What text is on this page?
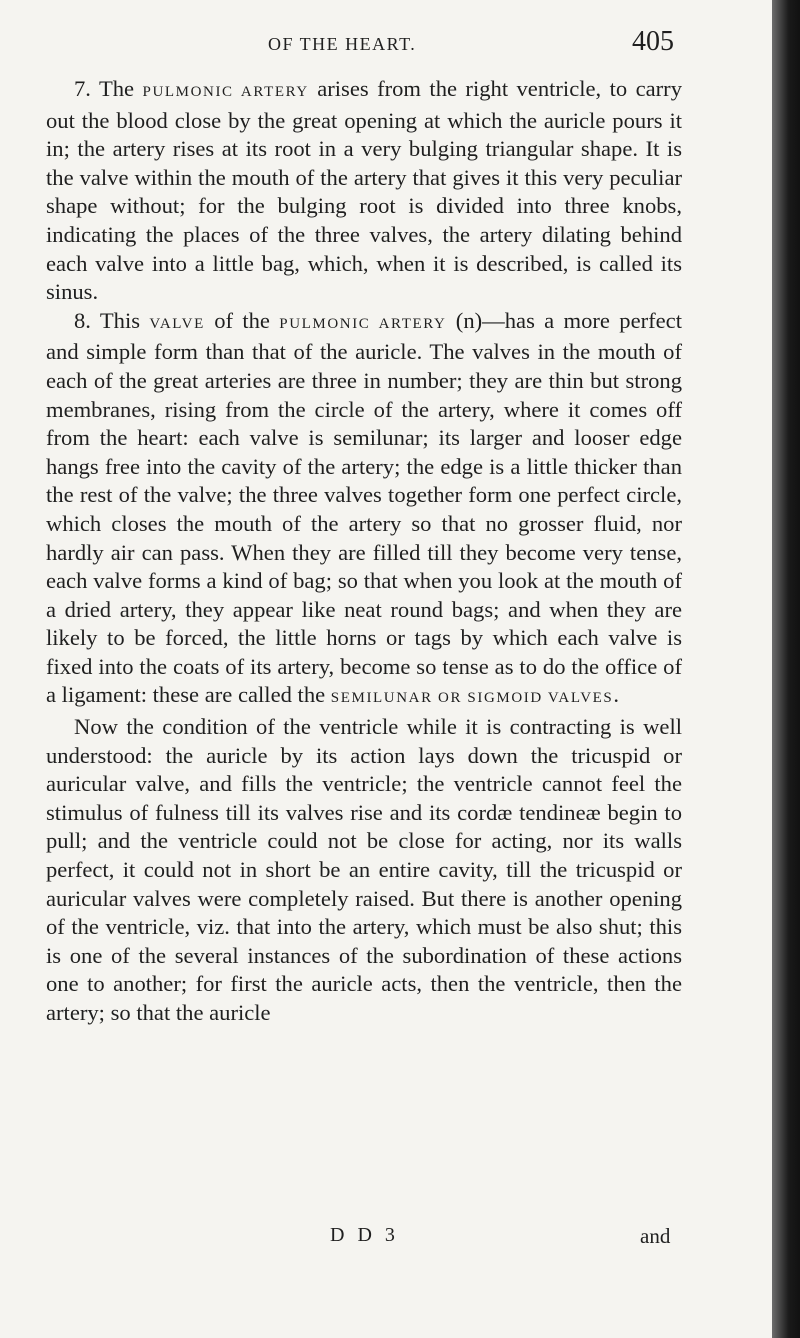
OF THE HEART.	405

7. The PULMONIC ARTERY arises from the right ventricle, to carry out the blood close by the great opening at which the auricle pours it in; the artery rises at its root in a very bulging triangular shape. It is the valve within the mouth of the artery that gives it this very peculiar shape without; for the bulging root is divided into three knobs, indicating the places of the three valves, the artery dilating behind each valve into a little bag, which, when it is described, is called its sinus.

8. This VALVE of the PULMONIC ARTERY (n)—has a more perfect and simple form than that of the auricle. The valves in the mouth of each of the great arteries are three in number; they are thin but strong membranes, rising from the circle of the artery, where it comes off from the heart: each valve is semilunar; its larger and looser edge hangs free into the cavity of the artery; the edge is a little thicker than the rest of the valve; the three valves together form one perfect circle, which closes the mouth of the artery so that no grosser fluid, nor hardly air can pass. When they are filled till they become very tense, each valve forms a kind of bag; so that when you look at the mouth of a dried artery, they appear like neat round bags; and when they are likely to be forced, the little horns or tags by which each valve is fixed into the coats of its artery, become so tense as to do the office of a ligament: these are called the SEMILUNAR OR SIGMOID VALVES.

Now the condition of the ventricle while it is contracting is well understood: the auricle by its action lays down the tricuspid or auricular valve, and fills the ventricle; the ventricle cannot feel the stimulus of fulness till its valves rise and its cordæ tendineæ begin to pull; and the ventricle could not be close for acting, nor its walls perfect, it could not in short be an entire cavity, till the tricuspid or auricular valves were completely raised. But there is another opening of the ventricle, viz. that into the artery, which must be also shut; this is one of the several instances of the subordination of these actions one to another; for first the auricle acts, then the ventricle, then the artery; so that the auricle

D D 3	and
